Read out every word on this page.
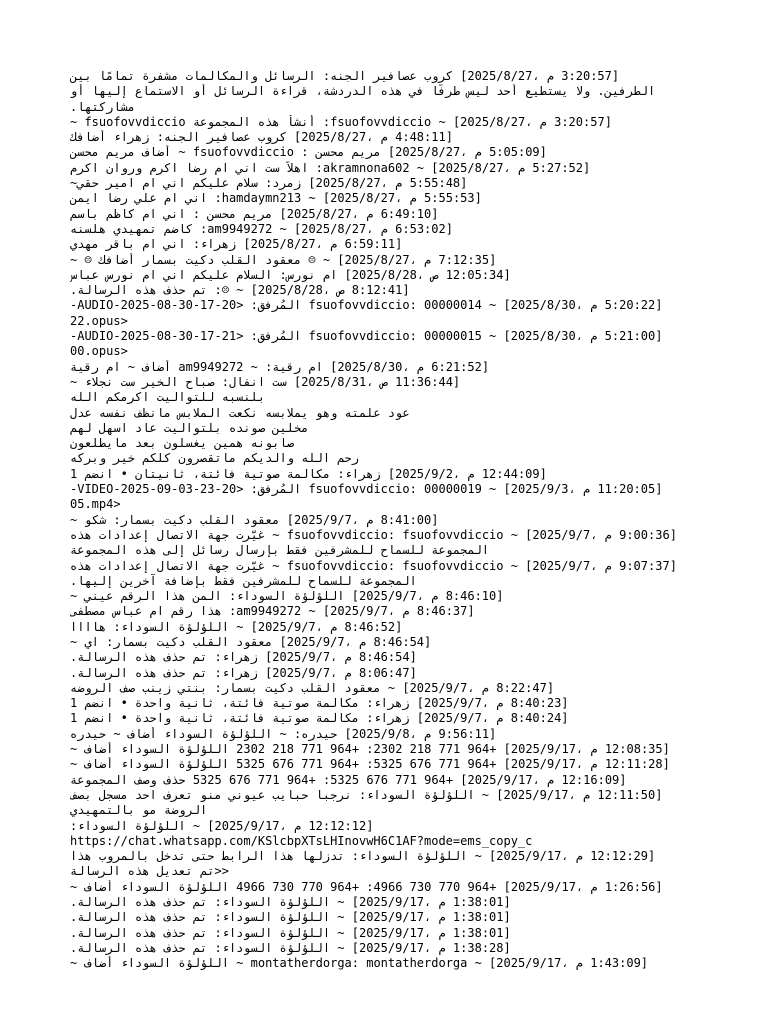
[3:20:57 م ،2025/8/27] كروب عصافير الجنه: الرسائل والمكالمات مشفرة تمامًا بين
الطرفين. ولا يستطيع أحد ليس طرفًا في هذه الدردشة، قراءة الرسائل أو الاستماع إليها أو
مشاركتها.
[3:20:57 م ،2025/8/27] ~ fsuofovvdiccio: أنشأ هذه المجموعة fsuofovvdiccio ~
[4:48:11 م ،2025/8/27] كروب عصافير الجنه: زهراء أضافك
[5:05:09 م ،2025/8/27] مريم محسن : fsuofovvdiccio ~ أضاف مريم محسن
[5:27:52 م ،2025/8/27] ~ akramnona602: اهلاً ست اني ام رضا اكرم وروان اكرم
[5:55:48 م ،2025/8/27] زمرد: سلام عليكم اني ام امير حقي~
[5:55:53 م ،2025/8/27] ~ hamdaymn213: اني ام علي رضا ايمن
[6:49:10 م ،2025/8/27] مريم محسن : اني ام كاظم باسم
[6:53:02 م ،2025/8/27] ~ am9949272: كاضم تمهيدي هلسنه
[6:59:11 م ،2025/8/27] زهراء: اني ام باقر مهدي
[7:12:35 م ،2025/8/27] ~ ☹ معقود القلب دكيت بسمار أضافك ☹ ~
[12:05:34 ص ،2025/8/28] ام نورس: السلام عليكم اني ام نورس عباس
[8:12:41 ص ،2025/8/28] ~ ☹: تم حذف هذه الرسالة.
[5:20:22 م ،2025/8/30] ~ fsuofovvdiccio: 00000014 المُرفق: <AUDIO-2025-08-30-17-20-
22.opus>
[5:21:00 م ،2025/8/30] ~ fsuofovvdiccio: 00000015 المُرفق: <AUDIO-2025-08-30-17-21-
00.opus>
[6:21:52 م ،2025/8/30] ام رقية: ~ am9949272 أضاف ~ ام رقية
[11:36:44 ص ،2025/8/31] ست انفال: صباح الخير ست نجلاء ~
بلنسبه للتواليت اكرمكم الله
عود علمته وهو يملابسه نكعت الملابس مانظف نفسه عدل
مخلين صونده بلتواليت عاد اسهل لهم
صابونه همين يغسلون بعد مايطلعون
رحم الله والديكم ماتقصرون كلكم خير وبركه
[12:44:09 م ،2025/9/2] زهراء: مكالمة صوتية فائتة، ثانيتان • انضم 1
[11:20:05 م ،2025/9/3] ~ fsuofovvdiccio: 00000019 المُرفق: <VIDEO-2025-09-03-23-20-
05.mp4>
[8:41:00 م ،2025/9/7] معقود القلب دكيت بسمار: شكو ~
[9:00:36 م ،2025/9/7] ~ fsuofovvdiccio: fsuofovvdiccio ~ غيّرت جهة الاتصال إعدادات هذه
المجموعة للسماح للمشرفين فقط بإرسال رسائل إلى هذه المجموعة
[9:07:37 م ،2025/9/7] ~ fsuofovvdiccio: fsuofovvdiccio ~ غيّرت جهة الاتصال إعدادات هذه
المجموعة للسماح للمشرفين فقط بإضافة آخرين إليها.
[8:46:10 م ،2025/9/7] اللؤلؤة السوداء: المن هذا الرقم عيني ~
[8:46:37 م ،2025/9/7] ~ am9949272: هذا رقم ام عباس مصطفى
[8:46:52 م ،2025/9/7] ~ اللؤلؤة السوداء: هاااا
[8:46:54 م ،2025/9/7] معقود القلب دكيت بسمار: اي ~
[8:46:54 م ،2025/9/7] زهراء: تم حذف هذه الرسالة.
[8:06:47 م ،2025/9/7] زهراء: تم حذف هذه الرسالة.
[8:22:47 م ،2025/9/7] ~ معقود القلب دكيت بسمار: بنتي زينب صف الروضه
[8:40:23 م ،2025/9/7] زهراء: مكالمة صوتية فائتة، ثانية واحدة • انضم 1
[8:40:24 م ،2025/9/7] زهراء: مكالمة صوتية فائتة، ثانية واحدة • انضم 1
[9:56:11 م ،2025/9/8] حيدره: ~ اللؤلؤة السوداء أضاف ~ حيدره
[12:08:35 م ،2025/9/17] +964 771 218 2302: +964 771 218 2302 اللؤلؤة السوداء أضاف ~
[12:11:28 م ،2025/9/17] +964 771 676 5325: +964 771 676 5325 اللؤلؤة السوداء أضاف ~
[12:16:09 م ،2025/9/17] +964 771 676 5325: +964 771 676 5325 حذف وصف المجموعة
[12:11:50 م ،2025/9/17] ~ اللؤلؤة السوداء: نرجبا حبايب عيوني منو تعرف احد مسجل بصف
الروضة مو بالتمهيدي
[12:12:12 م ،2025/9/17] ~ اللؤلؤة السوداء:
https://chat.whatsapp.com/KSlcbpXTsLHInovwH6C1AF?mode=ems_copy_c
[12:12:29 م ،2025/9/17] ~ اللؤلؤة السوداء: تدزلها هذا الرابط حتى تدخل بالمروب هذا
<<تم تعديل هذه الرسالة
[1:26:56 م ،2025/9/17] +964 770 730 4966: +964 770 730 4966 اللؤلؤة السوداء أضاف ~
[1:38:01 م ،2025/9/17] ~ اللؤلؤة السوداء: تم حذف هذه الرسالة.
[1:38:01 م ،2025/9/17] ~ اللؤلؤة السوداء: تم حذف هذه الرسالة.
[1:38:01 م ،2025/9/17] ~ اللؤلؤة السوداء: تم حذف هذه الرسالة.
[1:38:28 م ،2025/9/17] ~ اللؤلؤة السوداء: تم حذف هذه الرسالة.
[1:43:09 م ،2025/9/17] ~ montatherdorga: montatherdorga ~ اللؤلؤة السوداء أضاف ~
